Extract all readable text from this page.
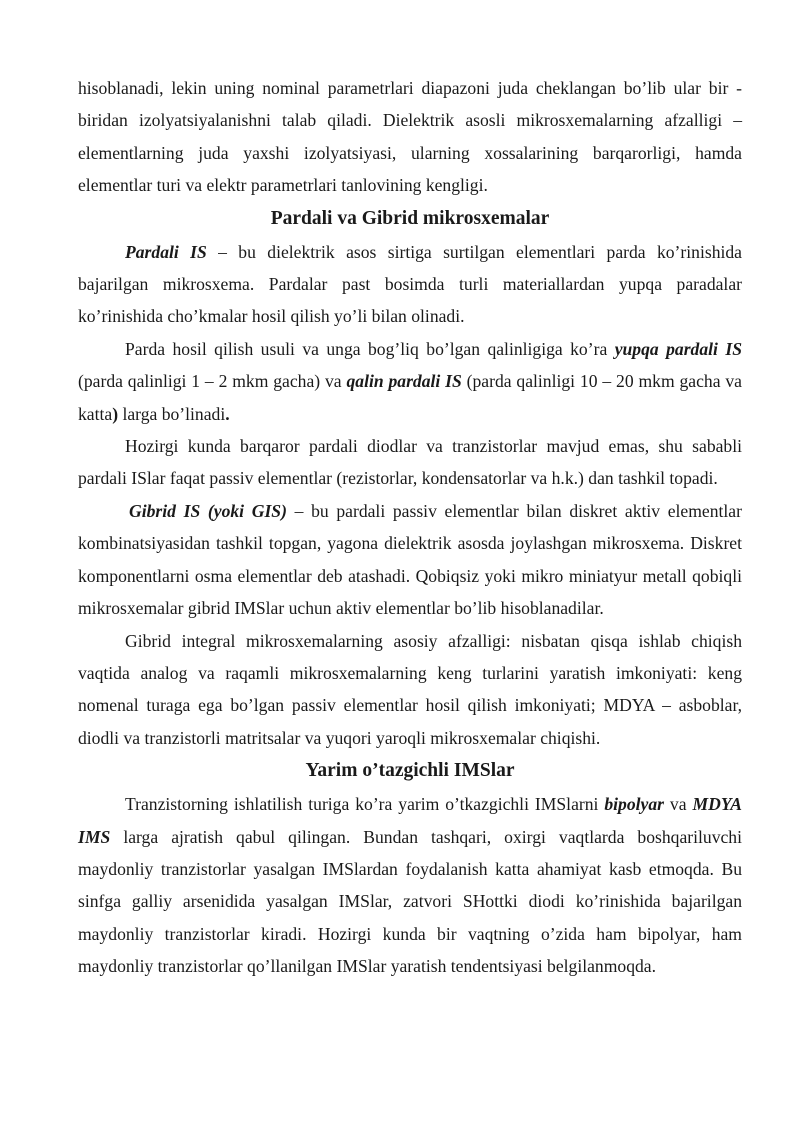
hisoblanadi, lekin uning nominal parametrlari diapazoni juda cheklangan bo’lib ular bir - biridan izolyatsiyalanishni talab qiladi. Dielektrik asosli mikrosxemalarning afzalligi – elementlarning juda yaxshi izolyatsiyasi, ularning xossalarining barqarorligi, hamda elementlar turi va elektr parametrlari tanlovining kengligi.

Pardali va Gibrid mikrosxemalar

Pardali IS – bu dielektrik asos sirtiga surtilgan elementlari parda ko’rinishida bajarilgan mikrosxema. Pardalar past bosimda turli materiallardan yupqa paradalar ko’rinishida cho’kmalar hosil qilish yo’li bilan olinadi.

Parda hosil qilish usuli va unga bog’liq bo’lgan qalinligiga ko’ra yupqa pardali IS (parda qalinligi 1 – 2 mkm gacha) va qalin pardali IS (parda qalinligi 10 – 20 mkm gacha va katta) larga bo’linadi.

Hozirgi kunda barqaror pardali diodlar va tranzistorlar mavjud emas, shu sababli pardali ISlar faqat passiv elementlar (rezistorlar, kondensatorlar va h.k.) dan tashkil topadi.

Gibrid IS (yoki GIS) – bu pardali passiv elementlar bilan diskret aktiv elementlar kombinatsiyasidan tashkil topgan, yagona dielektrik asosda joylashgan mikrosxema. Diskret komponentlarni osma elementlar deb atashadi. Qobiqsiz yoki mikro miniatyur metall qobiqli mikrosxemalar gibrid IMSlar uchun aktiv elementlar bo’lib hisoblanadilar.

Gibrid integral mikrosxemalarning asosiy afzalligi: nisbatan qisqa ishlab chiqish vaqtida analog va raqamli mikrosxemalarning keng turlarini yaratish imkoniyati: keng nomenal turaga ega bo’lgan passiv elementlar hosil qilish imkoniyati; MDYA – asboblar, diodli va tranzistorli matritsalar va yuqori yaroqli mikrosxemalar chiqishi.

Yarim o’tazgichli IMSlar

Tranzistorning ishlatilish turiga ko’ra yarim o’tkazgichli IMSlarni bipolyar va MDYA IMS larga ajratish qabul qilingan. Bundan tashqari, oxirgi vaqtlarda boshqariluvchi maydonliy tranzistorlar yasalgan IMSlardan foydalanish katta ahamiyat kasb etmoqda. Bu sinfga galliy arsenidida yasalgan IMSlar, zatvori SHottki diodi ko’rinishida bajarilgan maydonliy tranzistorlar kiradi. Hozirgi kunda bir vaqtning o’zida ham bipolyar, ham maydonliy tranzistorlar qo’llanilgan IMSlar yaratish tendentsiyasi belgilanmoqda.
